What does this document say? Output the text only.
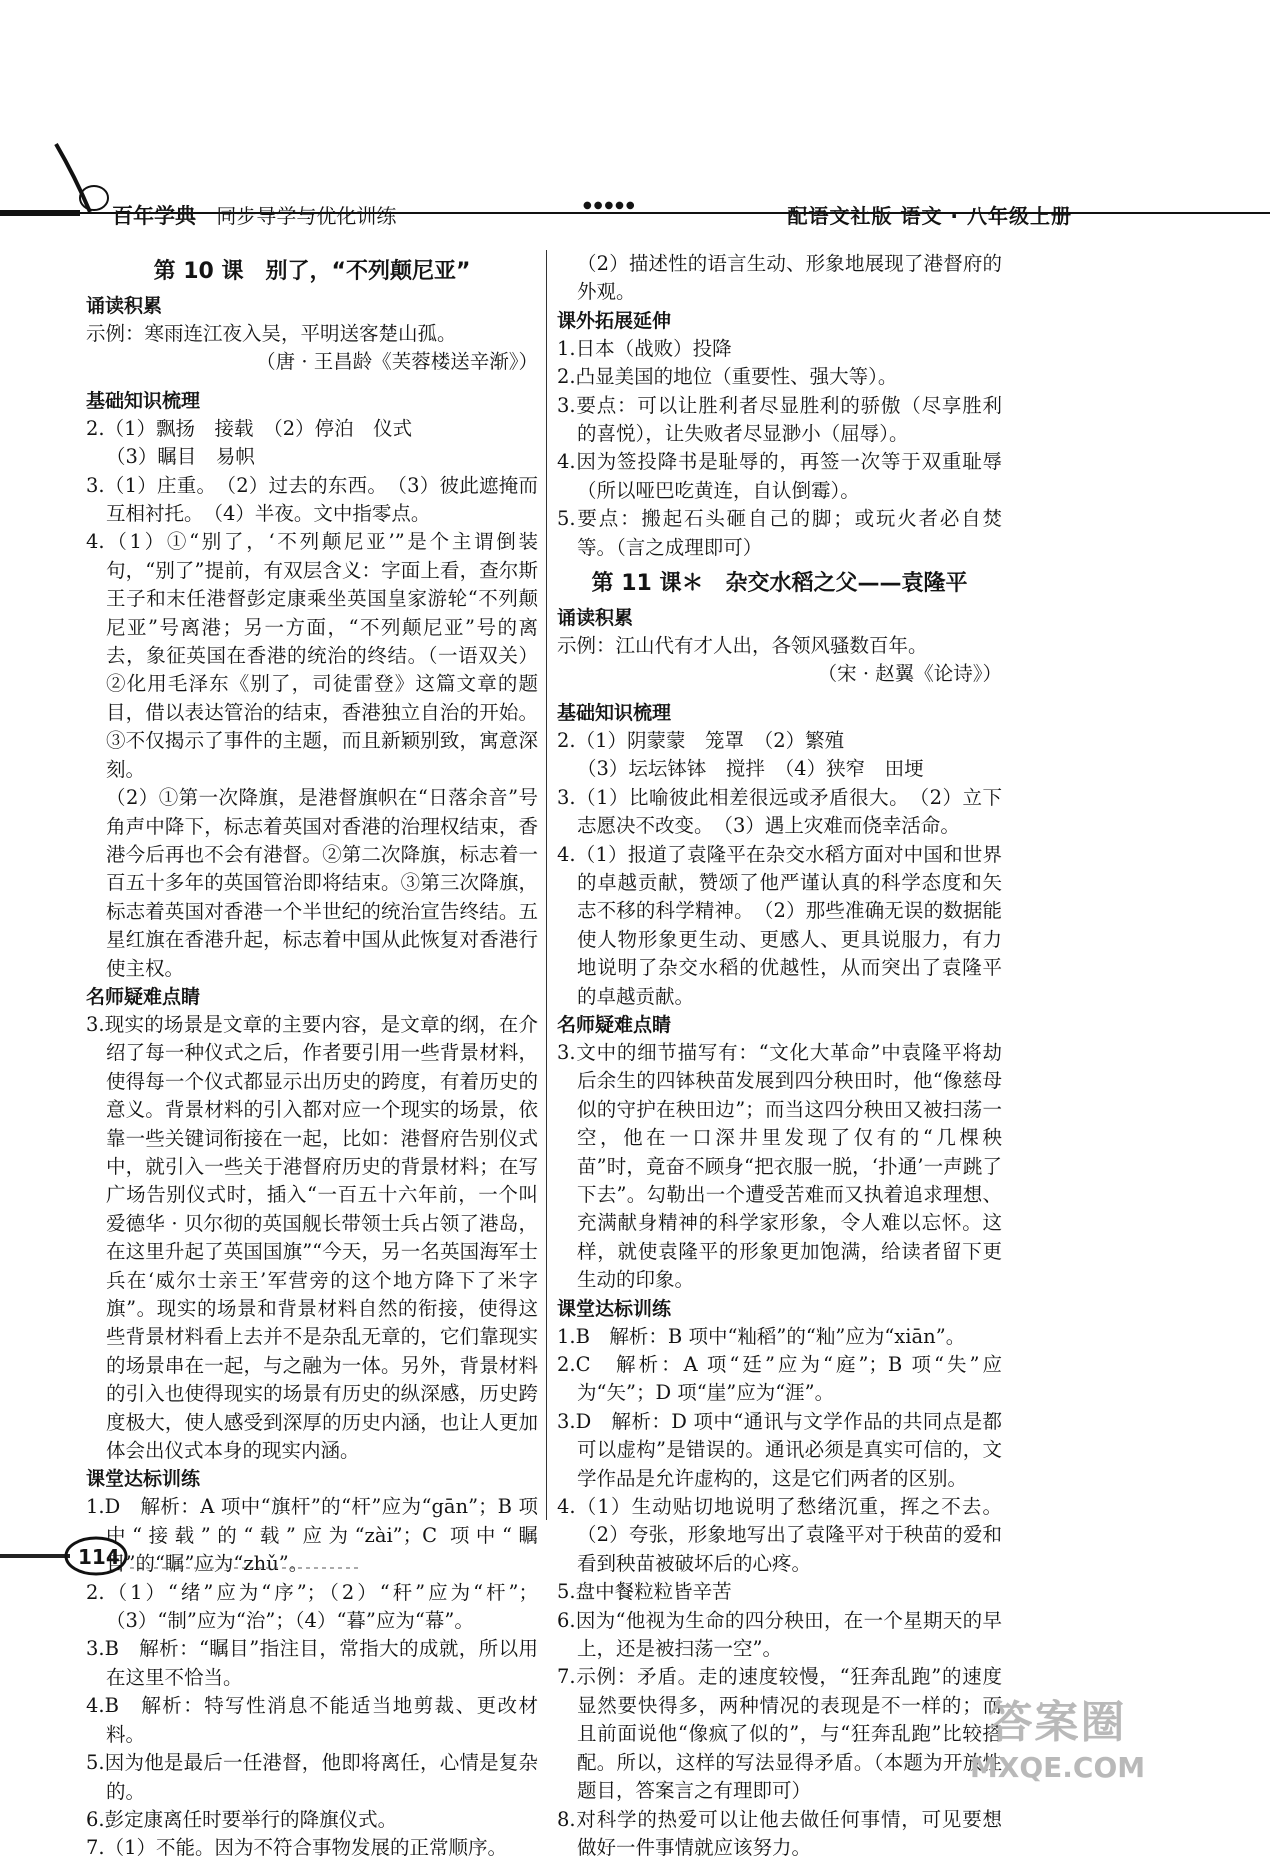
百年学典 同步导学与优化训练	●●●●●	配语文社版 语文 · 八年级上册
第 10 课　别了，“不列颠尼亚”
诵读积累

示例：寒雨连江夜入吴，平明送客楚山孤。

（唐 · 王昌龄《芙蓉楼送辛渐》）

基础知识梳理

2.（1）飘扬　接载　（2）停泊　仪式

（3）瞩目　易帜

3.（1）庄重。　（2）过去的东西。　（3）彼此遮掩而互相衬托。　（4）半夜。文中指零点。

4.（1）①“别了，‘不列颠尼亚’”是个主谓倒装句，“别了”提前，有双层含义：字面上看，查尔斯王子和末任港督彭定康乘坐英国皇家游轮“不列颠尼亚”号离港；另一方面，“不列颠尼亚”号的离去，象征英国在香港的统治的终结。（一语双关）②化用毛泽东《别了，司徒雷登》这篇文章的题目，借以表达管治的结束，香港独立自治的开始。③不仅揭示了事件的主题，而且新颖别致，寓意深刻。

（2）①第一次降旗，是港督旗帜在“日落余音”号角声中降下，标志着英国对香港的治理权结束，香港今后再也不会有港督。②第二次降旗，标志着一百五十多年的英国管治即将结束。③第三次降旗，标志着英国对香港一个半世纪的统治宣告终结。五星红旗在香港升起，标志着中国从此恢复对香港行使主权。

名师疑难点睛

3.现实的场景是文章的主要内容，是文章的纲，在介绍了每一种仪式之后，作者要引用一些背景材料，使得每一个仪式都显示出历史的跨度，有着历史的意义。背景材料的引入都对应一个现实的场景，依靠一些关键词衔接在一起，比如：港督府告别仪式中，就引入一些关于港督府历史的背景材料；在写广场告别仪式时，插入“一百五十六年前，一个叫爱德华 · 贝尔彻的英国舰长带领士兵占领了港岛，在这里升起了英国国旗”“今天，另一名英国海军士兵在‘威尔士亲王’军营旁的这个地方降下了米字旗”。现实的场景和背景材料自然的衔接，使得这些背景材料看上去并不是杂乱无章的，它们靠现实的场景串在一起，与之融为一体。另外，背景材料的引入也使得现实的场景有历史的纵深感，历史跨度极大，使人感受到深厚的历史内涵，也让人更加体会出仪式本身的现实内涵。

课堂达标训练

1.D　解析：A 项中“旗杆”的“杆”应为“gān”；B 项中“接载”的“载”应为“zài”；C 项中“瞩目”的“瞩”应为“zhǔ”。

2.（1）“绪”应为“序”；（2）“秆”应为“杆”；（3）“制”应为“治”；（4）“暮”应为“幕”。

3.B　解析：“瞩目”指注目，常指大的成就，所以用在这里不恰当。

4.B　解析：特写性消息不能适当地剪裁、更改材料。

5.因为他是最后一任港督，他即将离任，心情是复杂的。

6.彭定康离任时要举行的降旗仪式。

7.（1）不能。因为不符合事物发展的正常顺序。

（2）描述性的语言生动、形象地展现了港督府的外观。

课外拓展延伸

1.日本（战败）投降

2.凸显美国的地位（重要性、强大等）。

3.要点：可以让胜利者尽显胜利的骄傲（尽享胜利的喜悦），让失败者尽显渺小（屈辱）。

4.因为签投降书是耻辱的，再签一次等于双重耻辱（所以哑巴吃黄连，自认倒霉）。

5.要点：搬起石头砸自己的脚；或玩火者必自焚等。（言之成理即可）

第 11 课＊　杂交水稻之父——袁隆平
诵读积累

示例：江山代有才人出，各领风骚数百年。

（宋 · 赵翼《论诗》）

基础知识梳理

2.（1）阴蒙蒙　笼罩　（2）繁殖

（3）坛坛钵钵　搅拌　（4）狭窄　田埂

3.（1）比喻彼此相差很远或矛盾很大。　（2）立下志愿决不改变。　（3）遇上灾难而侥幸活命。

4.（1）报道了袁隆平在杂交水稻方面对中国和世界的卓越贡献，赞颂了他严谨认真的科学态度和矢志不移的科学精神。　（2）那些准确无误的数据能使人物形象更生动、更感人、更具说服力，有力地说明了杂交水稻的优越性，从而突出了袁隆平的卓越贡献。

名师疑难点睛

3.文中的细节描写有：“文化大革命”中袁隆平将劫后余生的四钵秧苗发展到四分秧田时，他“像慈母似的守护在秧田边”；而当这四分秧田又被扫荡一空，他在一口深井里发现了仅有的“几棵秧苗”时，竟奋不顾身“把衣服一脱，‘扑通’一声跳了下去”。勾勒出一个遭受苦难而又执着追求理想、充满献身精神的科学家形象，令人难以忘怀。这样，就使袁隆平的形象更加饱满，给读者留下更生动的印象。

课堂达标训练

1.B　解析：B 项中“籼稻”的“籼”应为“xiān”。

2.C　解析：A 项“廷”应为“庭”；B 项“失”应为“矢”；D 项“崖”应为“涯”。

3.D　解析：D 项中“通讯与文学作品的共同点是都可以虚构”是错误的。通讯必须是真实可信的，文学作品是允许虚构的，这是它们两者的区别。

4.（1）生动贴切地说明了愁绪沉重，挥之不去。（2）夸张，形象地写出了袁隆平对于秧苗的爱和看到秧苗被破坏后的心疼。

5.盘中餐粒粒皆辛苦

6.因为“他视为生命的四分秧田，在一个星期天的早上，还是被扫荡一空”。

7.示例：矛盾。走的速度较慢，“狂奔乱跑”的速度显然要快得多，两种情况的表现是不一样的；而且前面说他“像疯了似的”，与“狂奔乱跑”比较搭配。所以，这样的写法显得矛盾。（本题为开放性题目，答案言之有理即可）

8.对科学的热爱可以让他去做任何事情，可见要想做好一件事情就应该努力。

114
答案圈
MXQE.COM
